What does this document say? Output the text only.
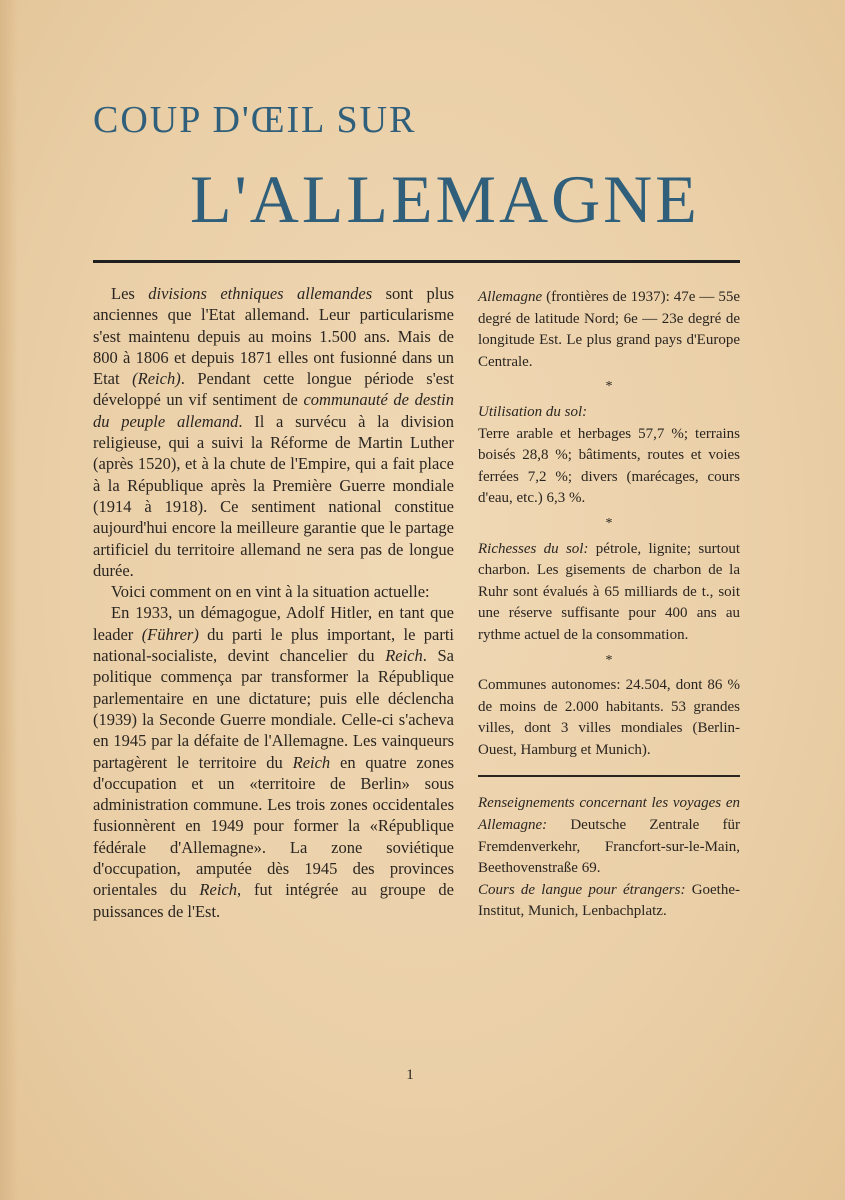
COUP D'ŒIL SUR
L'ALLEMAGNE

Les divisions ethniques allemandes sont plus anciennes que l'Etat allemand. Leur particularisme s'est maintenu depuis au moins 1.500 ans. Mais de 800 à 1806 et depuis 1871 elles ont fusionné dans un Etat (Reich). Pendant cette longue période s'est développé un vif sentiment de communauté de destin du peuple allemand. Il a survécu à la division religieuse, qui a suivi la Réforme de Martin Luther (après 1520), et à la chute de l'Empire, qui a fait place à la République après la Première Guerre mondiale (1914 à 1918). Ce sentiment national constitue aujourd'hui encore la meilleure garantie que le partage artificiel du territoire allemand ne sera pas de longue durée.

Voici comment on en vint à la situation actuelle:

En 1933, un démagogue, Adolf Hitler, en tant que leader (Führer) du parti le plus important, le parti national-socialiste, devint chancelier du Reich. Sa politique commença par transformer la République parlementaire en une dictature; puis elle déclencha (1939) la Seconde Guerre mondiale. Celle-ci s'acheva en 1945 par la défaite de l'Allemagne. Les vainqueurs partagèrent le territoire du Reich en quatre zones d'occupation et un «territoire de Berlin» sous administration commune. Les trois zones occidentales fusionnèrent en 1949 pour former la «République fédérale d'Allemagne». La zone soviétique d'occupation, amputée dès 1945 des provinces orientales du Reich, fut intégrée au groupe de puissances de l'Est.

Allemagne (frontières de 1937): 47e — 55e degré de latitude Nord; 6e — 23e degré de longitude Est. Le plus grand pays d'Europe Centrale.

*

Utilisation du sol:
Terre arable et herbages 57,7 %; terrains boisés 28,8 %; bâtiments, routes et voies ferrées 7,2 %; divers (marécages, cours d'eau, etc.) 6,3 %.

*

Richesses du sol: pétrole, lignite; surtout charbon. Les gisements de charbon de la Ruhr sont évalués à 65 milliards de t., soit une réserve suffisante pour 400 ans au rythme actuel de la consommation.

*

Communes autonomes: 24.504, dont 86 % de moins de 2.000 habitants. 53 grandes villes, dont 3 villes mondiales (Berlin-Ouest, Hamburg et Munich).

Renseignements concernant les voyages en Allemagne: Deutsche Zentrale für Fremdenverkehr, Francfort-sur-le-Main, Beethovenstraße 69.

Cours de langue pour étrangers: Goethe-Institut, Munich, Lenbachplatz.

1
